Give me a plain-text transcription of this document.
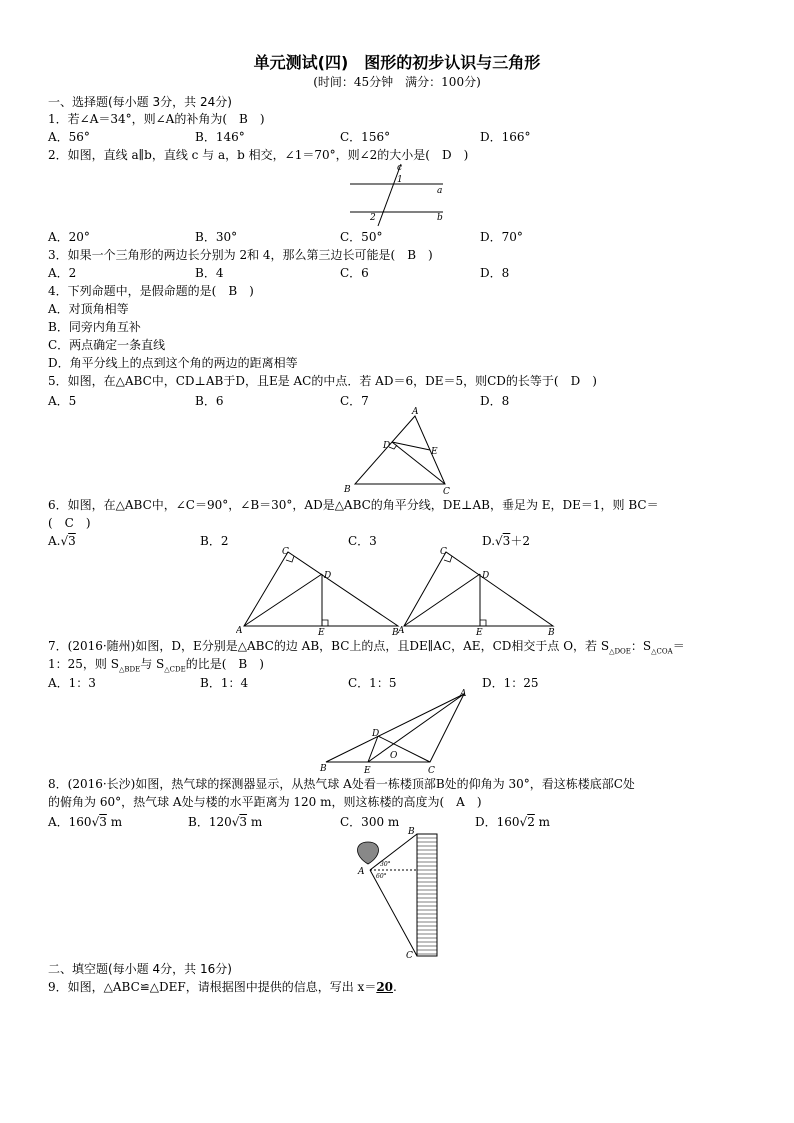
单元测试(四)　图形的初步认识与三角形
(时间：45分钟　满分：100分)
一、选择题(每小题 3分，共 24分)
1．若∠A＝34°，则∠A的补角为(　B　)
A．56°	B．146°	C．156°	D．166°
2．如图，直线 a∥b，直线 c 与 a，b 相交，∠1＝70°，则∠2的大小是(　D　)
c
1
a
2	b
A．20°	B．30°	C．50°	D．70°
3．如果一个三角形的两边长分别为 2和 4，那么第三边长可能是(　B　)
A．2	B．4	C．6	D．8
4．下列命题中，是假命题的是(　B　)
A．对顶角相等
B．同旁内角互补
C．两点确定一条直线
D．角平分线上的点到这个角的两边的距离相等
5．如图，在△ABC中，CD⊥AB于D，且E是 AC的中点．若 AD＝6，DE＝5，则CD的长等于(　D　)
A．5	B．6	C．7	D．8
A
D
E
B	C
6．如图，在△ABC中，∠C＝90°，∠B＝30°，AD是△ABC的角平分线，DE⊥AB，垂足为 E，DE＝1，则 BC＝
(　C　)
A.√3	B．2	C．3	D.√3＋2
C
D
A	E	B
C
D
A	E	B
7．(2016·随州)如图，D，E分别是△ABC的边 AB，BC上的点，且DE∥AC，AE，CD相交于点 O，若 $S_{\triangle DOE}$：$S_{\triangle COA}=$
1：25，则 $S_{\triangle BDE}$与 $S_{\triangle CDE}$的比是(　B　)
A．1：3	B．1：4	C．1：5	D．1：25
A
D
O
B	E	C
8．(2016·长沙)如图，热气球的探测器显示，从热气球 A处看一栋楼顶部B处的仰角为 30°，看这栋楼底部C处
的俯角为 60°，热气球 A处与楼的水平距离为 120 m，则这栋楼的高度为(　A　)
A．160√3 m	B．120√3 m	C．300 m	D．160√2 m
B
30°
A 60°
C
二、填空题(每小题 4分，共 16分)
9．如图，△ABC≌△DEF，请根据图中提供的信息，写出 x＝20.
